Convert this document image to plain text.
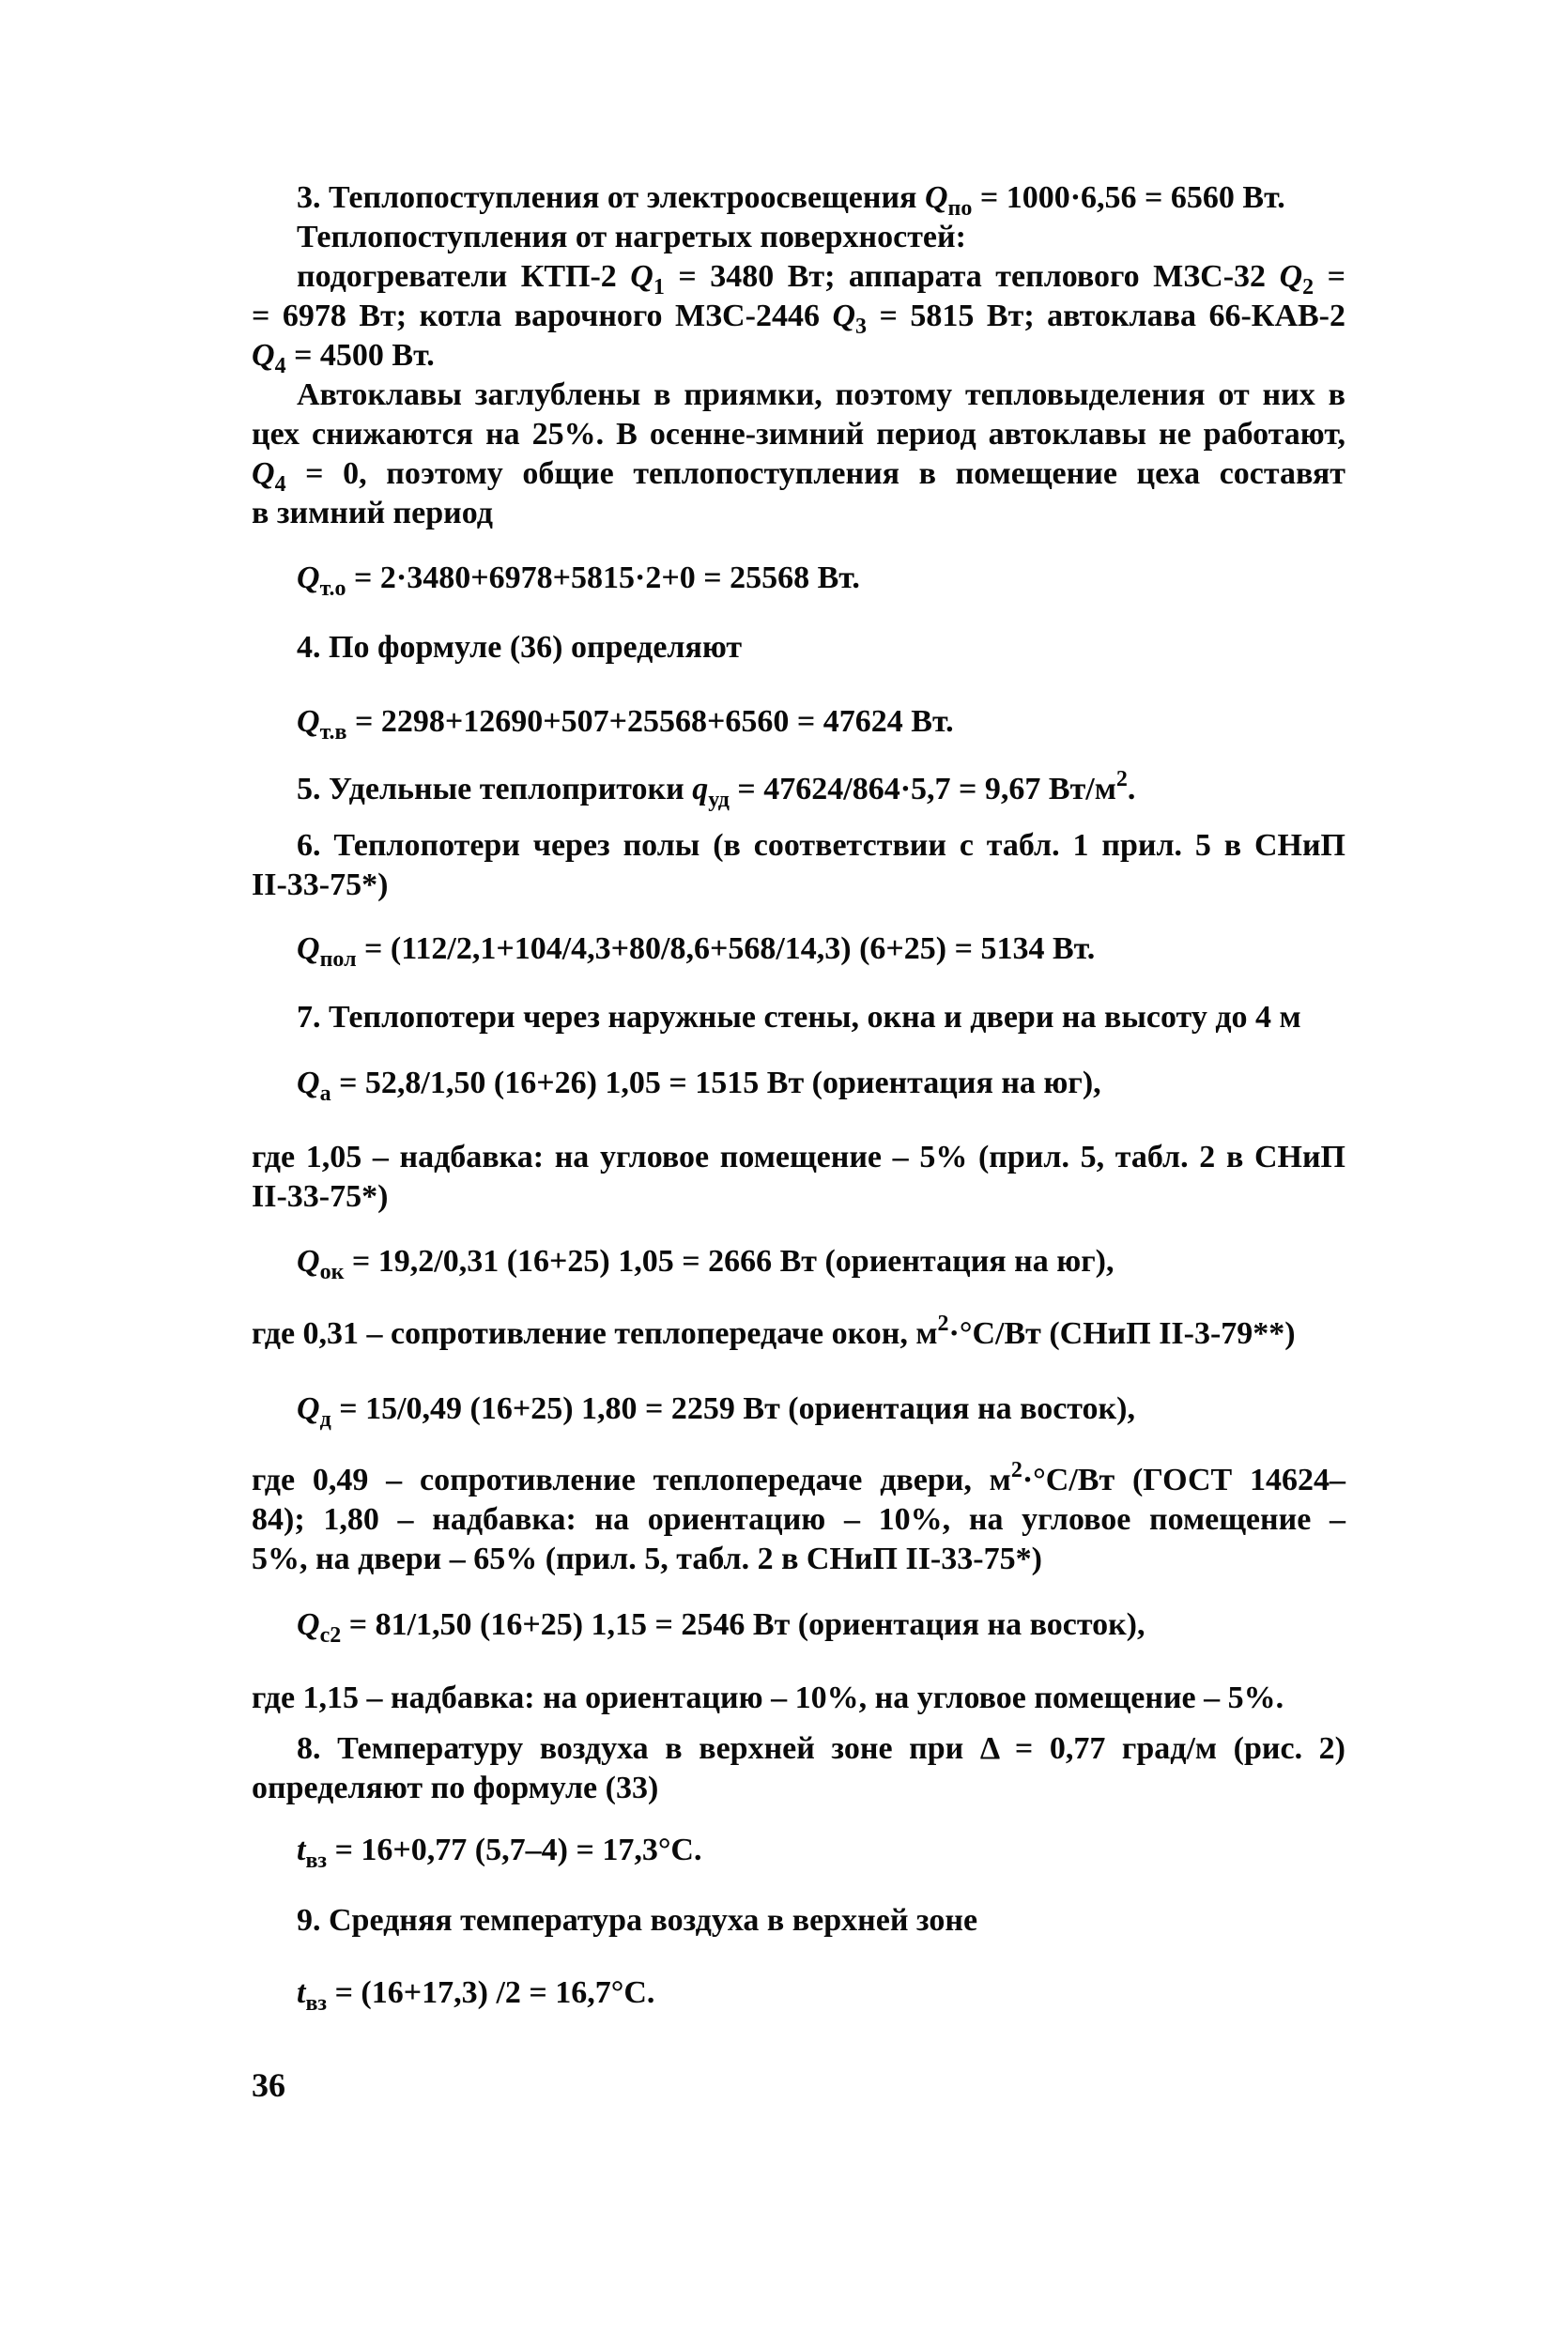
3. Теплопоступления от электроосвещения $Q_{по} = 1000\cdot 6,56 = 6560$ Вт.
Теплопоступления от нагретых поверхностей:
подогреватели КТП-2 $Q_1 = 3480$ Вт; аппарата теплового МЗС-32 $Q_2$ =
= 6978 Вт; котла варочного МЗС-2446 $Q_3 = 5815$ Вт; автоклава 66-КАВ-2
$Q_4 = 4500$ Вт.
Автоклавы заглублены в приямки, поэтому тепловыделения от них в
цех снижаются на 25%. В осенне-зимний период автоклавы не работают,
$Q_4 = 0$, поэтому общие теплопоступления в помещение цеха составят
в зимний период

$Q_{т.о} = 2\cdot 3480+6978+5815\cdot 2+0 = 25568$ Вт.

4. По формуле (36) определяют

$Q_{т.в} = 2298+12690+507+25568+6560 = 47624$ Вт.

5. Удельные теплопритоки $q_{уд} = 47624/864\cdot 5,7 = 9,67$ $Вт/м^2$.

6. Теплопотери через полы (в соответствии с табл. 1 прил. 5 в СНиП
II-33-75*)

$Q_{пол} = (112/2,1+104/4,3+80/8,6+568/14,3) (6+25) = 5134$ Вт.

7. Теплопотери через наружные стены, окна и двери на высоту до 4 м

$Q_а = 52,8/1,50$ (16+26) 1,05 = 1515 Вт (ориентация на юг),

где 1,05 – надбавка: на угловое помещение – 5% (прил. 5, табл. 2 в СНиП
II-33-75*)

$Q_{ок} = 19,2/0,31$ (16+25) 1,05 = 2666 Вт (ориентация на юг),

где 0,31 – сопротивление теплопередаче окон, $м^2\cdot^\circ С/Вт$ (СНиП II-3-79**)

$Q_д = 15/0,49$ (16+25) 1,80 = 2259 Вт (ориентация на восток),

где 0,49 – сопротивление теплопередаче двери, $м^2\cdot^\circ С/Вт$ (ГОСТ 14624–
84); 1,80 – надбавка: на ориентацию – 10%, на угловое помещение –
5%, на двери – 65% (прил. 5, табл. 2 в СНиП II-33-75*)

$Q_{с2} = 81/1,50$ (16+25) 1,15 = 2546 Вт (ориентация на восток),

где 1,15 – надбавка: на ориентацию – 10%, на угловое помещение – 5%.

8. Температуру воздуха в верхней зоне при Δ = 0,77 град/м (рис. 2)
определяют по формуле (33)

$t_{вз} = 16+0,77$ (5,7–4) = 17,3°С.

9. Средняя температура воздуха в верхней зоне

$t_{вз} = (16+17,3) /2 = 16,7^\circ С$.

36
